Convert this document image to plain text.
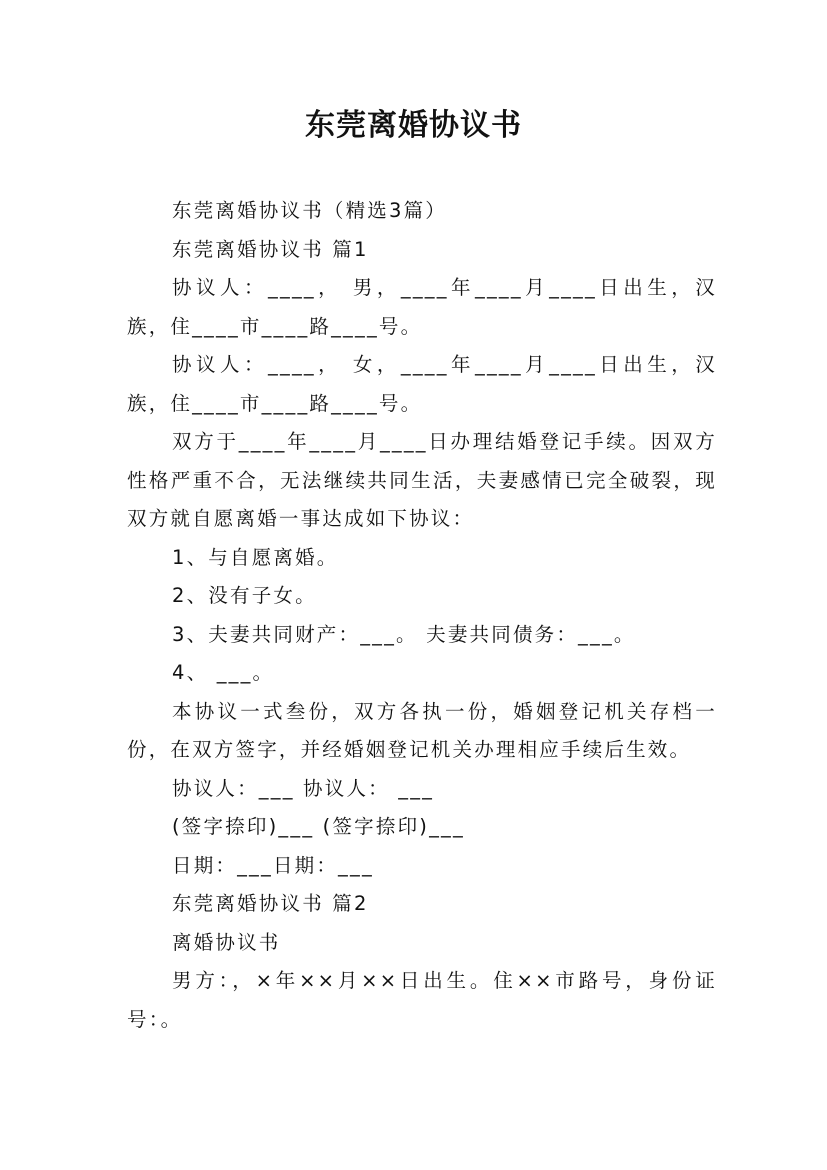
东莞离婚协议书

东莞离婚协议书（精选3篇）

东莞离婚协议书 篇1

协议人：____， 男，____年____月____日出生，汉族，住____市____路____号。

协议人：____， 女，____年____月____日出生，汉族，住____市____路____号。

双方于____年____月____日办理结婚登记手续。因双方性格严重不合，无法继续共同生活，夫妻感情已完全破裂，现双方就自愿离婚一事达成如下协议：

1、与自愿离婚。

2、没有子女。

3、夫妻共同财产：___。 夫妻共同债务：___。

4、 ___。

本协议一式叁份，双方各执一份，婚姻登记机关存档一份，在双方签字，并经婚姻登记机关办理相应手续后生效。

协议人：___ 协议人： ___

(签字捺印)___ (签字捺印)___

日期：___日期：___

东莞离婚协议书 篇2

离婚协议书

男方：，×年××月××日出生。住××市路号，身份证号：。
